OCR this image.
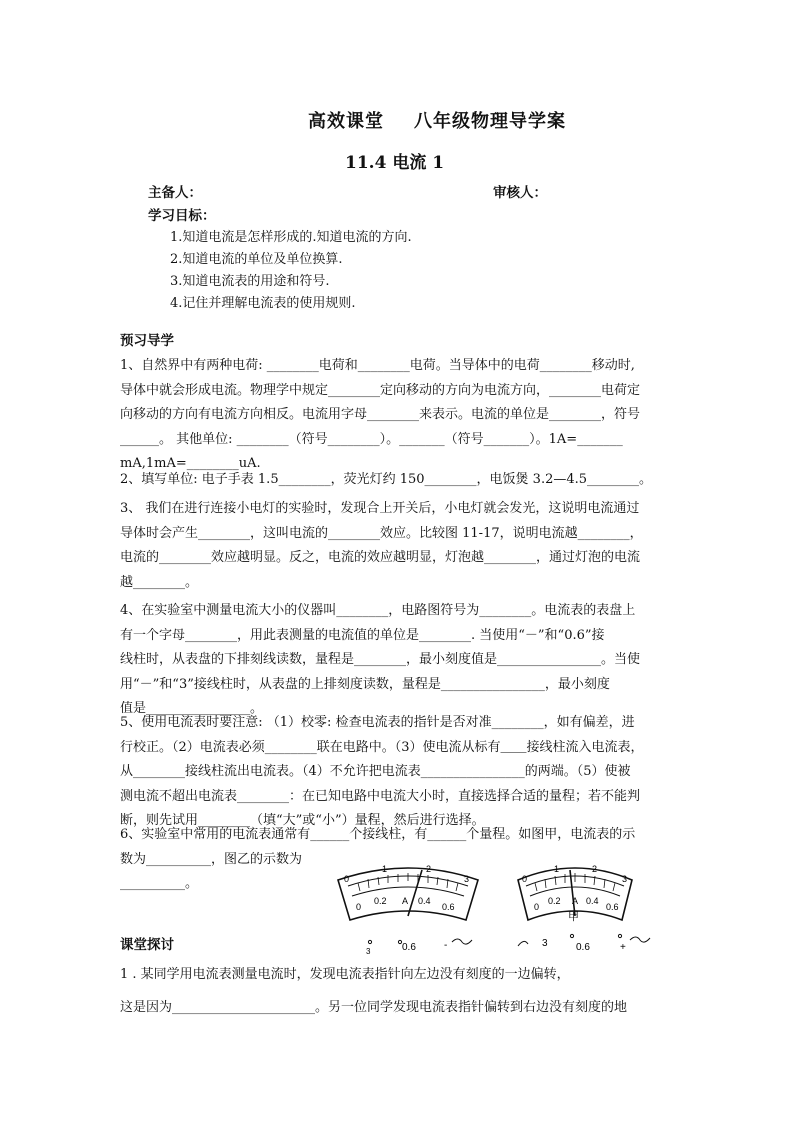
高效课堂 八年级物理导学案
11.4 电流 1
主备人：	审核人：
学习目标：
1.知道电流是怎样形成的.知道电流的方向.
2.知道电流的单位及单位换算.
3.知道电流表的用途和符号.
4.记住并理解电流表的使用规则.
预习导学
1、自然界中有两种电荷: ________电荷和________电荷。当导体中的电荷________移动时,
导体中就会形成电流。物理学中规定________定向移动的方向为电流方向，________电荷定
向移动的方向有电流方向相反。电流用字母________来表示。电流的单位是________，符号
______。 其他单位: ________（符号________）。_______（符号_______）。1A=_______
mA,1mA=________uA.
2、填写单位: 电子手表 1.5________，荧光灯约 150________，电饭煲 3.2—4.5________。
3、 我们在进行连接小电灯的实验时，发现合上开关后，小电灯就会发光，这说明电流通过
导体时会产生________，这叫电流的________效应。比较图 11-17，说明电流越________，
电流的________效应越明显。反之，电流的效应越明显，灯泡越________，通过灯泡的电流
越________。
4、在实验室中测量电流大小的仪器叫________，电路图符号为________。电流表的表盘上
有一个字母________，用此表测量的电流值的单位是________. 当使用“－”和“0.6”接
线柱时，从表盘的下排刻线读数，量程是________，最小刻度值是________________。当使
用“－”和“3”接线柱时，从表盘的上排刻度读数，量程是________________，最小刻度
值是________________。
5、使用电流表时要注意: （1）校零: 检查电流表的指针是否对准________，如有偏差，进
行校正。（2）电流表必须________联在电路中。（3）使电流从标有＿＿接线柱流入电流表，
从________接线柱流出电流表。（4）不允许把电流表________________的两端。（5）使被
测电流不超出电流表________：在已知电路中电流大小时，直接选择合适的量程；若不能判
断，则先试用________（填“大”或“小”）量程，然后进行选择。
6、实验室中常用的电流表通常有______个接线柱，有______个量程。如图甲，电流表的示
数为__________，图乙的示数为
__________。	0
1	2
3
0
0.2 A 0.4
0.6
3	0.6	-
0
1	2
3
0
0.2 A 0.4
0.6
甲
3	0.6	+
课堂探讨
1 . 某同学用电流表测量电流时，发现电流表指针向左边没有刻度的一边偏转，
这是因为______________________。另一位同学发现电流表指针偏转到右边没有刻度的地
